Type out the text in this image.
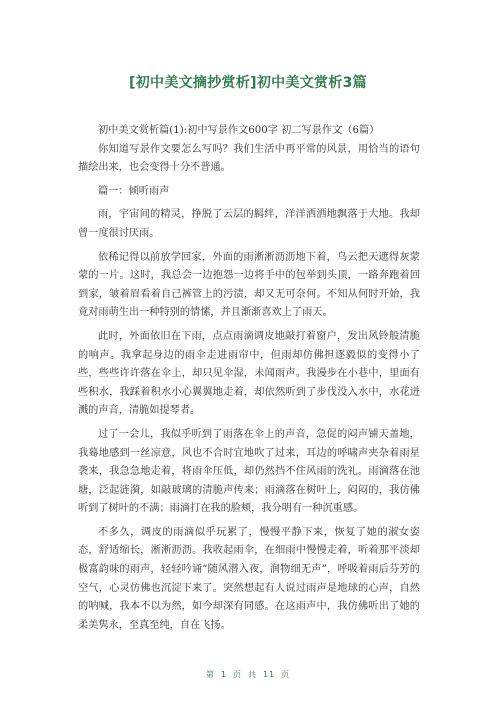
[初中美文摘抄赏析]初中美文赏析3篇

初中美文赏析篇(1):初中写景作文600字 初二写景作文（6篇）

你知道写景作文要怎么写吗？我们生活中再平常的风景，用恰当的语句描绘出来，也会变得十分不普通。

篇一：倾听雨声

雨，宇宙间的精灵，挣脱了云层的羁绊，洋洋洒洒地飘落于大地。我却曾一度很讨厌雨。

依稀记得以前放学回家，外面的雨淅淅沥沥地下着，乌云把天遮得灰蒙蒙的一片。这时，我总会一边抱怨一边将手中的包举到头顶，一路奔跑着回到家，皱着眉看着自己裤管上的污渍，却又无可奈何。不知从何时开始，我竟对雨萌生出一种特别的情愫，并且渐渐喜欢上了雨天。

此时，外面依旧在下雨，点点雨滴调皮地敲打着窗户，发出风铃般清脆的响声。我拿起身边的雨伞走进雨帘中，但雨却仿佛担逐毅似的变得小了些，些些许许落在伞上，却只见伞湿，未闻雨声。我漫步在小巷中，里面有些积水，我踩着积水小心翼翼地走着，却依然听到了步伐没入水中，水花迸溅的声音，清脆如提琴者。

过了一会儿，我似乎听到了雨落在伞上的声音，急促的闷声铺天盖地，我蓦地感到一丝凉意，风也不合时宜地吹了过来，耳边的呼啸声夹杂着雨星袭来，我急急地走着，将雨伞压低，却仍然挡不住风雨的洗礼。雨滴落在池塘，泛起涟漪，如敲玻璃的清脆声传来；雨滴落在树叶上，闷闷的，我仿佛听到了树叶的不满；雨滴打在我的脸颊，我分明有一种沉重感。

不多久，调皮的雨滴似乎玩累了，慢慢平静下来，恢复了她的淑女姿态，舒适缩长，淅淅沥沥。我收起雨伞，在细雨中慢慢走着，听着那平淡却极富韵味的雨声，轻轻吟诵“随风潜入夜，润物细无声”，呼吸着雨后芬芳的空气，心灵仿佛也沉淀下来了。突然想起有人说过雨声是地球的心声，自然的呐喊，我本不以为然，如今却深有同感。在这雨声中，我仿佛听出了她的柔美隽永，至真至纯，自在飞扬。

第 1 页 共 11 页
